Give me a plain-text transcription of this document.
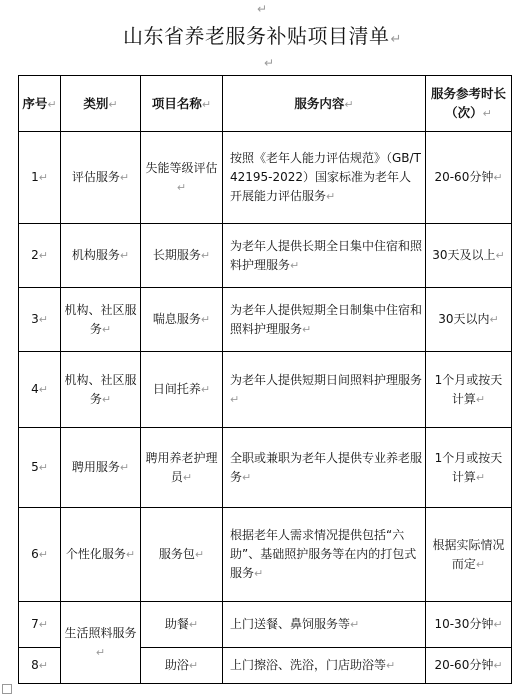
↵
山东省养老服务补贴项目清单↵
↵
序号↵	类别↵	项目名称↵	服务内容↵	服务参考时长（次）↵
1↵	评估服务↵	失能等级评估↵	按照《老年人能力评估规范》（GB/T 42195-2022）国家标准为老年人开展能力评估服务↵	20-60分钟↵
2↵	机构服务↵	长期服务↵	为老年人提供长期全日集中住宿和照料护理服务↵	30天及以上↵
3↵	机构、社区服务↵	喘息服务↵	为老年人提供短期全日制集中住宿和照料护理服务↵	30天以内↵
4↵	机构、社区服务↵	日间托养↵	为老年人提供短期日间照料护理服务↵	1个月或按天计算↵
5↵	聘用服务↵	聘用养老护理员↵	全职或兼职为老年人提供专业养老服务↵	1个月或按天计算↵
6↵	个性化服务↵	服务包↵	根据老年人需求情况提供包括“六助”、基础照护服务等在内的打包式服务↵	根据实际情况而定↵
7↵	生活照料服务↵	助餐↵	上门送餐、鼻饲服务等↵	10-30分钟↵
8↵		助浴↵	上门擦浴、洗浴，门店助浴等↵	20-60分钟↵
